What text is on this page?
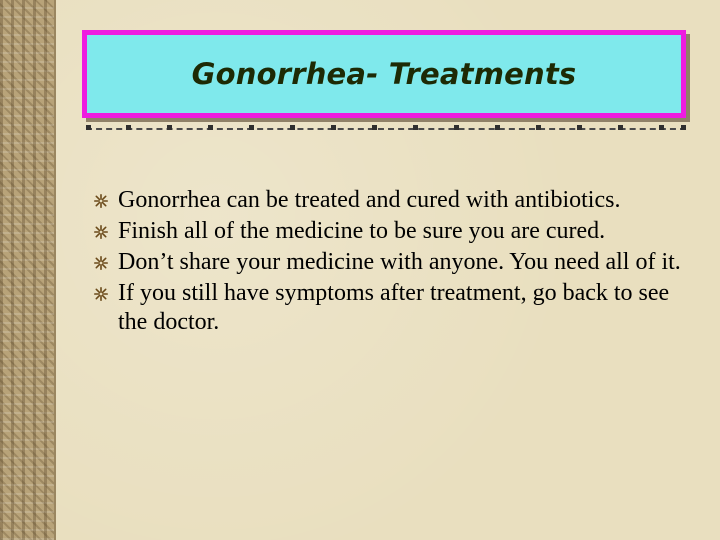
Gonorrhea- Treatments
Gonorrhea can be treated and cured with antibiotics.
Finish all of the medicine to be sure you are cured.
Don’t share your medicine with anyone. You need all of it.
If you still have symptoms after treatment, go back to see the doctor.
